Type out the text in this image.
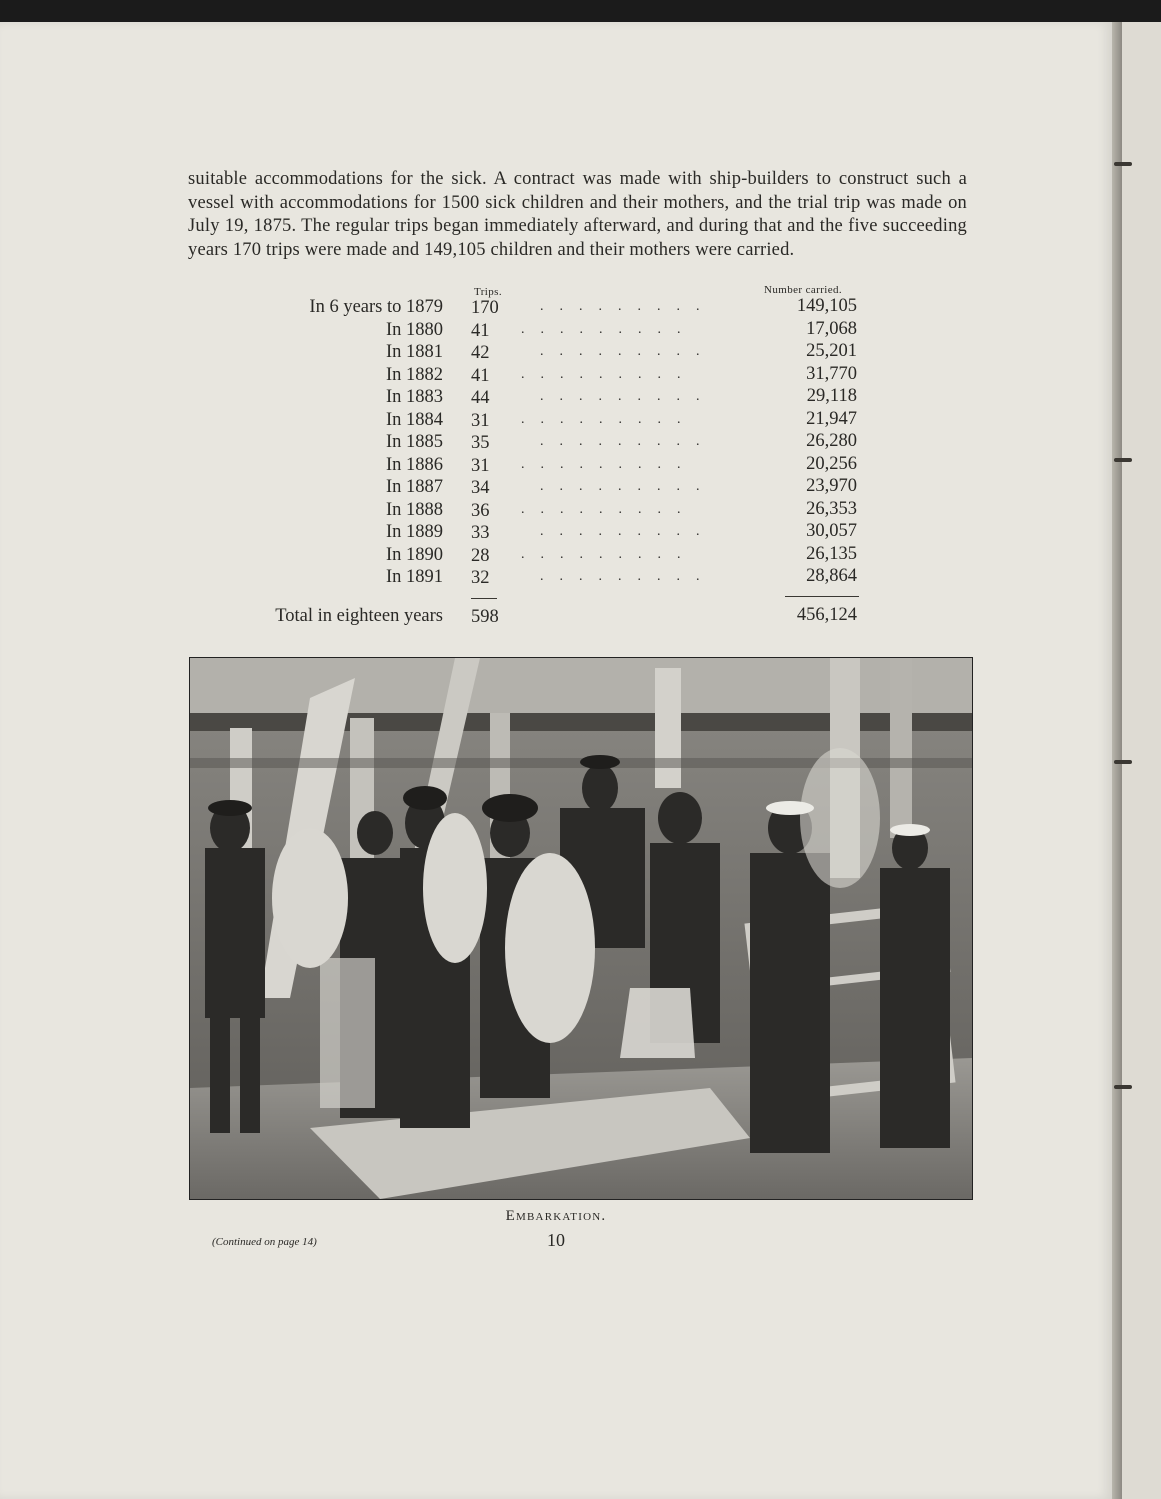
suitable accommodations for the sick. A contract was made with ship-builders to construct such a vessel with accommodations for 1500 sick children and their mothers, and the trial trip was made on July 19, 1875. The regular trips began immediately afterward, and during that and the five succeeding years 170 trips were made and 149,105 children and their mothers were carried.
Trips.	Number carried.
In 6 years to 1879 170	.........	149,105
In 1880 41	.........	17,068
In 1881 42	.........	25,201
In 1882 41	.........	31,770
In 1883 44	.........	29,118
In 1884 31	.........	21,947
In 1885 35	.........	26,280
In 1886 31	.........	20,256
In 1887 34	.........	23,970
In 1888 36	.........	26,353
In 1889 33	.........	30,057
In 1890 28	.........	26,135
In 1891 32	.........	28,864
Total in eighteen years 598	456,124
Embarkation.
10
(Continued on page 14)
